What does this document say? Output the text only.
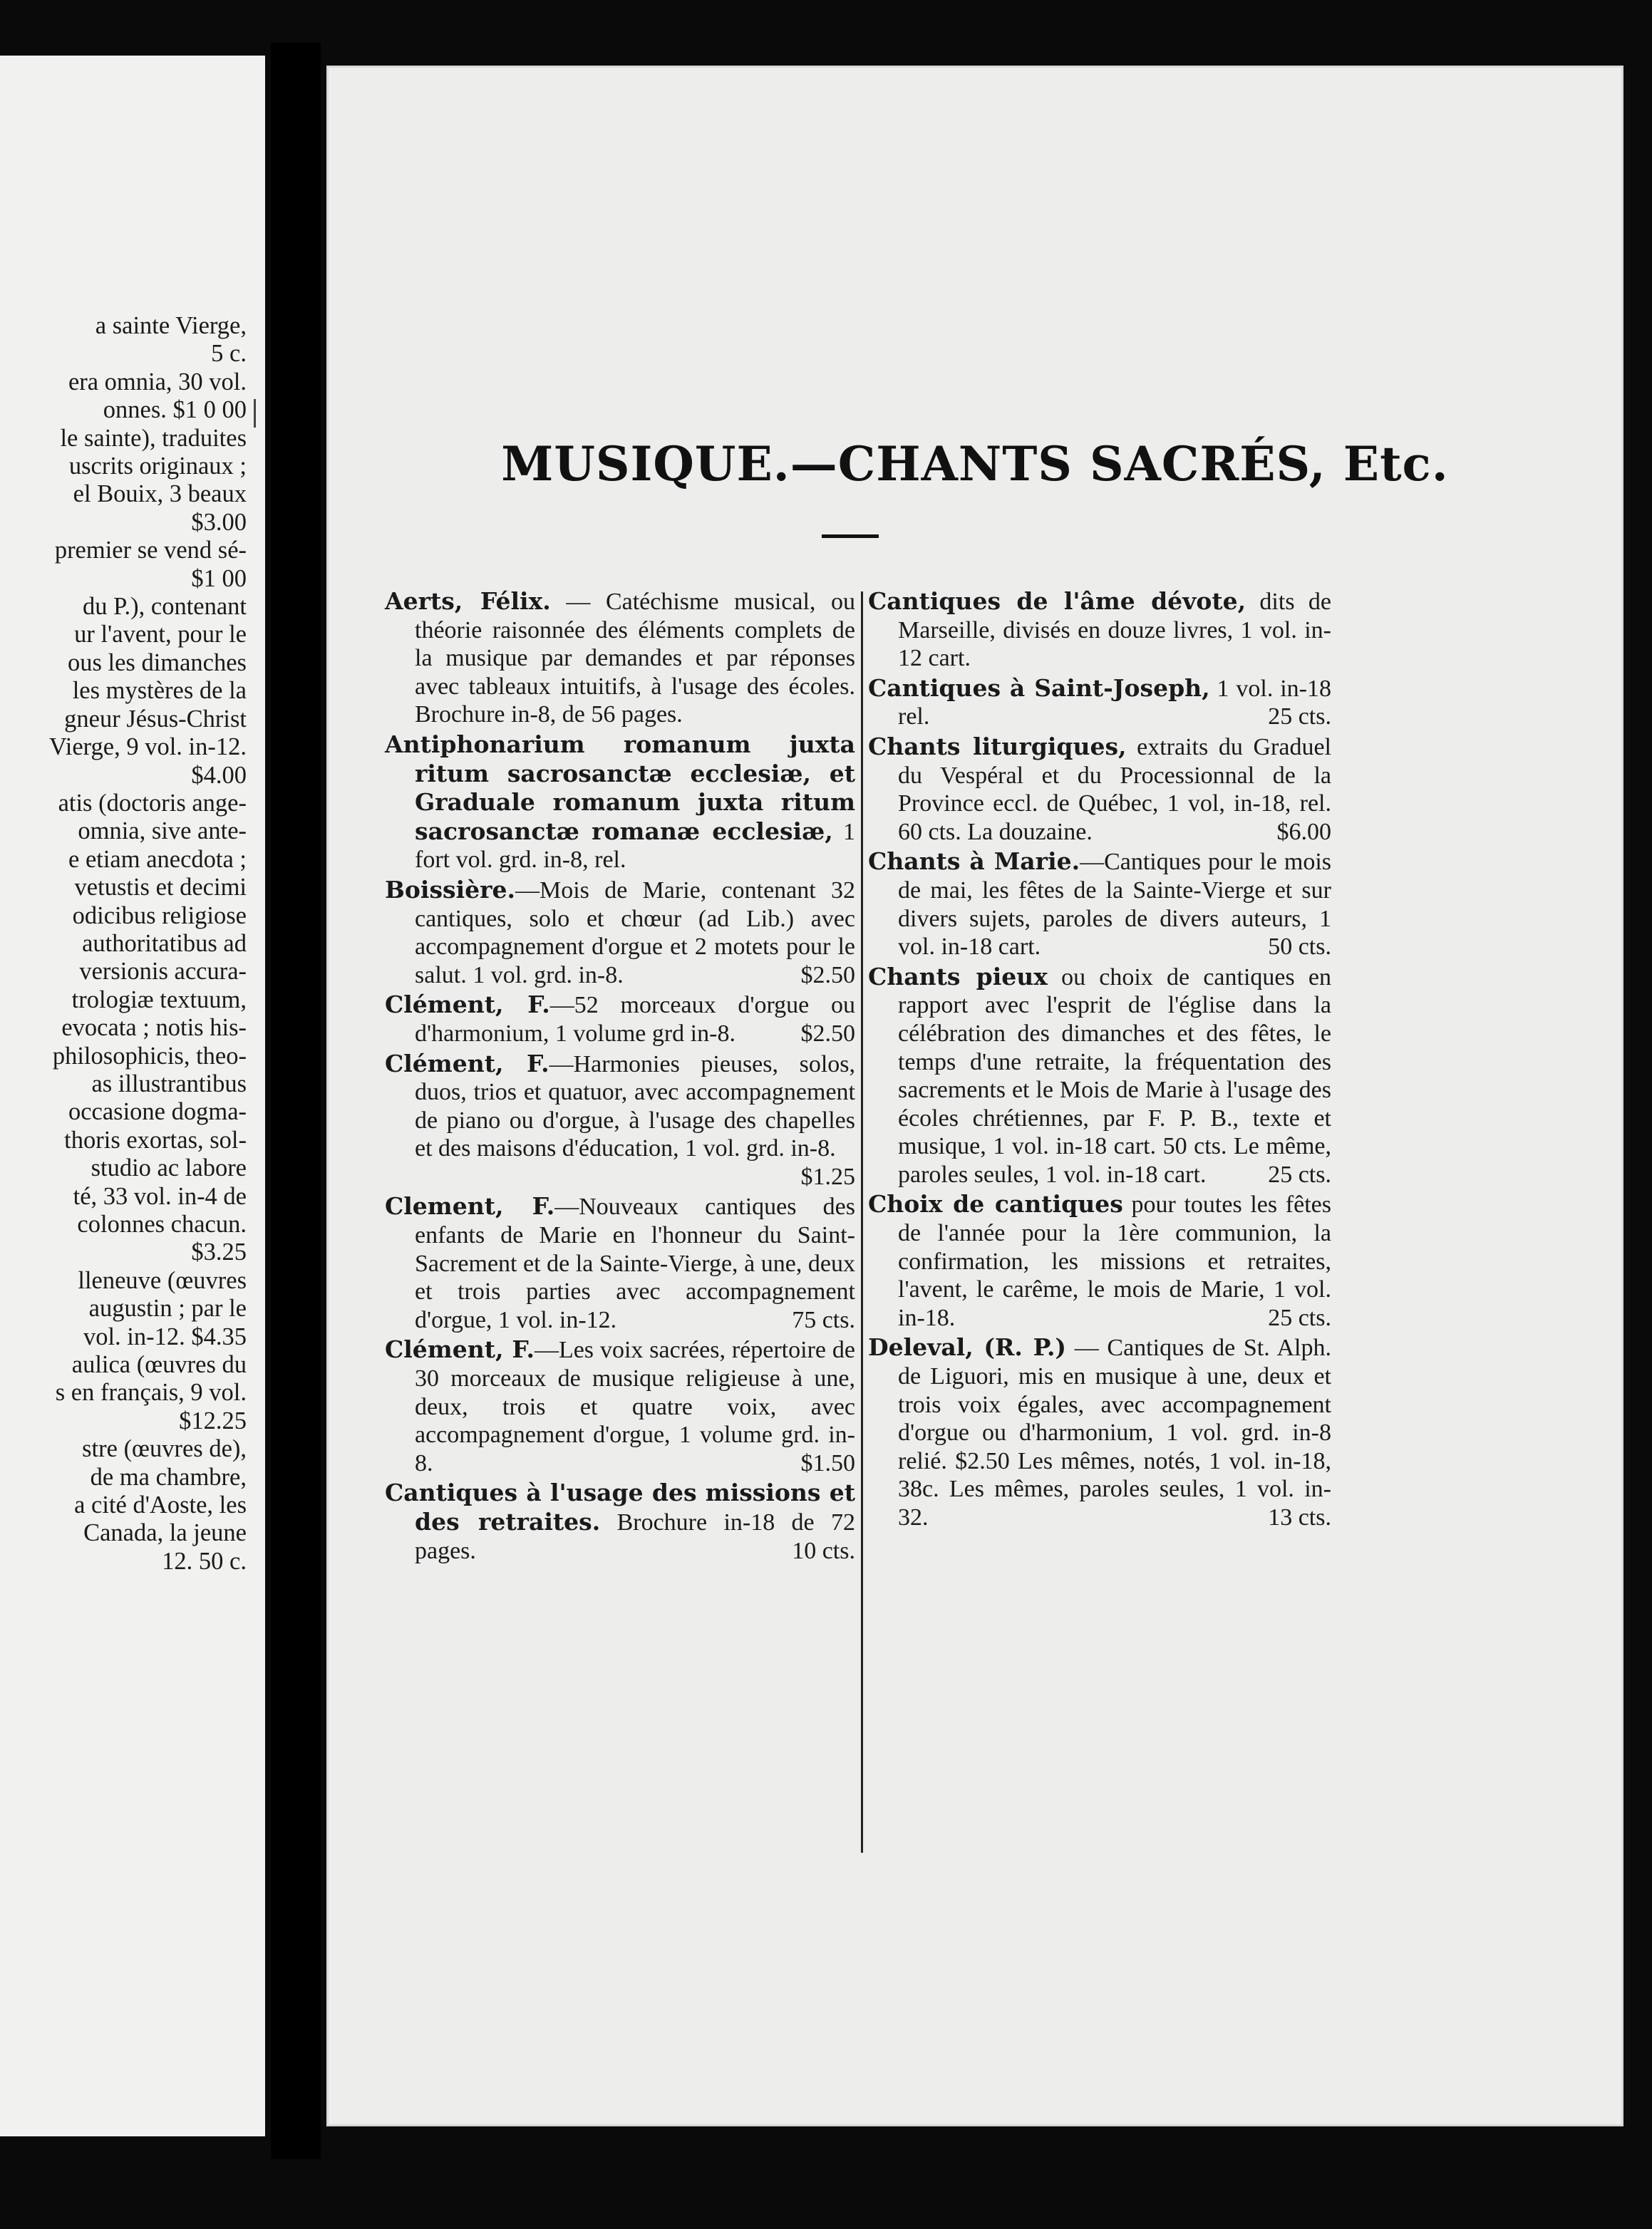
a sainte Vierge,
5 c.
era omnia, 30 vol.
onnes. $1 0 00
le sainte), traduites
uscrits originaux ;
el Bouix, 3 beaux
$3.00
premier se vend sé-
$1 00
du P.), contenant
ur l'avent, pour le
ous les dimanches
les mystères de la
gneur Jésus-Christ
Vierge, 9 vol. in-12.
$4.00
atis (doctoris ange-
omnia, sive ante-
e etiam anecdota ;
vetustis et decimi
odicibus religiose
authoritatibus ad
versionis accura-
trologiæ textuum,
evocata ; notis his-
philosophicis, theo-
as illustrantibus
occasione dogma-
thoris exortas, sol-
studio ac labore
té, 33 vol. in-4 de
colonnes chacun.
$3.25
lleneuve (œuvres
augustin ; par le
vol. in-12. $4.35
aulica (œuvres du
s en français, 9 vol.
$12.25
stre (œuvres de),
de ma chambre,
a cité d'Aoste, les
Canada, la jeune
12. 50 c.
MUSIQUE.—CHANTS SACRÉS, Etc.
Aerts, Félix. — Catéchisme musical, ou théorie raisonnée des éléments complets de la musique par demandes et par réponses avec tableaux intuitifs, à l'usage des écoles. Brochure in-8, de 56 pages.
Antiphonarium romanum juxta ritum sacrosanctæ ecclesiæ, et Graduale romanum juxta ritum sacrosanctæ romanæ ecclesiæ, 1 fort vol. grd. in-8, rel.
Boissière.—Mois de Marie, contenant 32 cantiques, solo et chœur (ad Lib.) avec accompagnement d'orgue et 2 motets pour le salut. 1 vol. grd. in-8.	$2.50
Clément, F.—52 morceaux d'orgue ou d'harmonium, 1 volume grd in-8.	$2.50
Clément, F.—Harmonies pieuses, solos, duos, trios et quatuor, avec accompagnement de piano ou d'orgue, à l'usage des chapelles et des maisons d'éducation, 1 vol. grd. in-8.
$1.25
Clement, F.—Nouveaux cantiques des enfants de Marie en l'honneur du Saint-Sacrement et de la Sainte-Vierge, à une, deux et trois parties avec accompagnement d'orgue, 1 vol. in-12.	75 cts.
Clément, F.—Les voix sacrées, répertoire de 30 morceaux de musique religieuse à une, deux, trois et quatre voix, avec accompagnement d'orgue, 1 volume grd. in-8.	$1.50
Cantiques à l'usage des missions et des retraites. Brochure in-18 de 72 pages.	10 cts.
Cantiques de l'âme dévote, dits de Marseille, divisés en douze livres, 1 vol. in-12 cart.
Cantiques à Saint-Joseph, 1 vol. in-18 rel.	25 cts.
Chants liturgiques, extraits du Graduel du Vespéral et du Processionnal de la Province eccl. de Québec, 1 vol, in-18, rel. 60 cts. La douzaine.	$6.00
Chants à Marie.—Cantiques pour le mois de mai, les fêtes de la Sainte-Vierge et sur divers sujets, paroles de divers auteurs, 1 vol. in-18 cart.	50 cts.
Chants pieux ou choix de cantiques en rapport avec l'esprit de l'église dans la célébration des dimanches et des fêtes, le temps d'une retraite, la fréquentation des sacrements et le Mois de Marie à l'usage des écoles chrétiennes, par F. P. B., texte et musique, 1 vol. in-18 cart. 50 cts. Le même, paroles seules, 1 vol. in-18 cart.	25 cts.
Choix de cantiques pour toutes les fêtes de l'année pour la 1ère communion, la confirmation, les missions et retraites, l'avent, le carême, le mois de Marie, 1 vol. in-18.	25 cts.
Deleval, (R. P.) — Cantiques de St. Alph. de Liguori, mis en musique à une, deux et trois voix égales, avec accompagnement d'orgue ou d'harmonium, 1 vol. grd. in-8 relié. $2.50 Les mêmes, notés, 1 vol. in-18, 38c. Les mêmes, paroles seules, 1 vol. in-32.	13 cts.
